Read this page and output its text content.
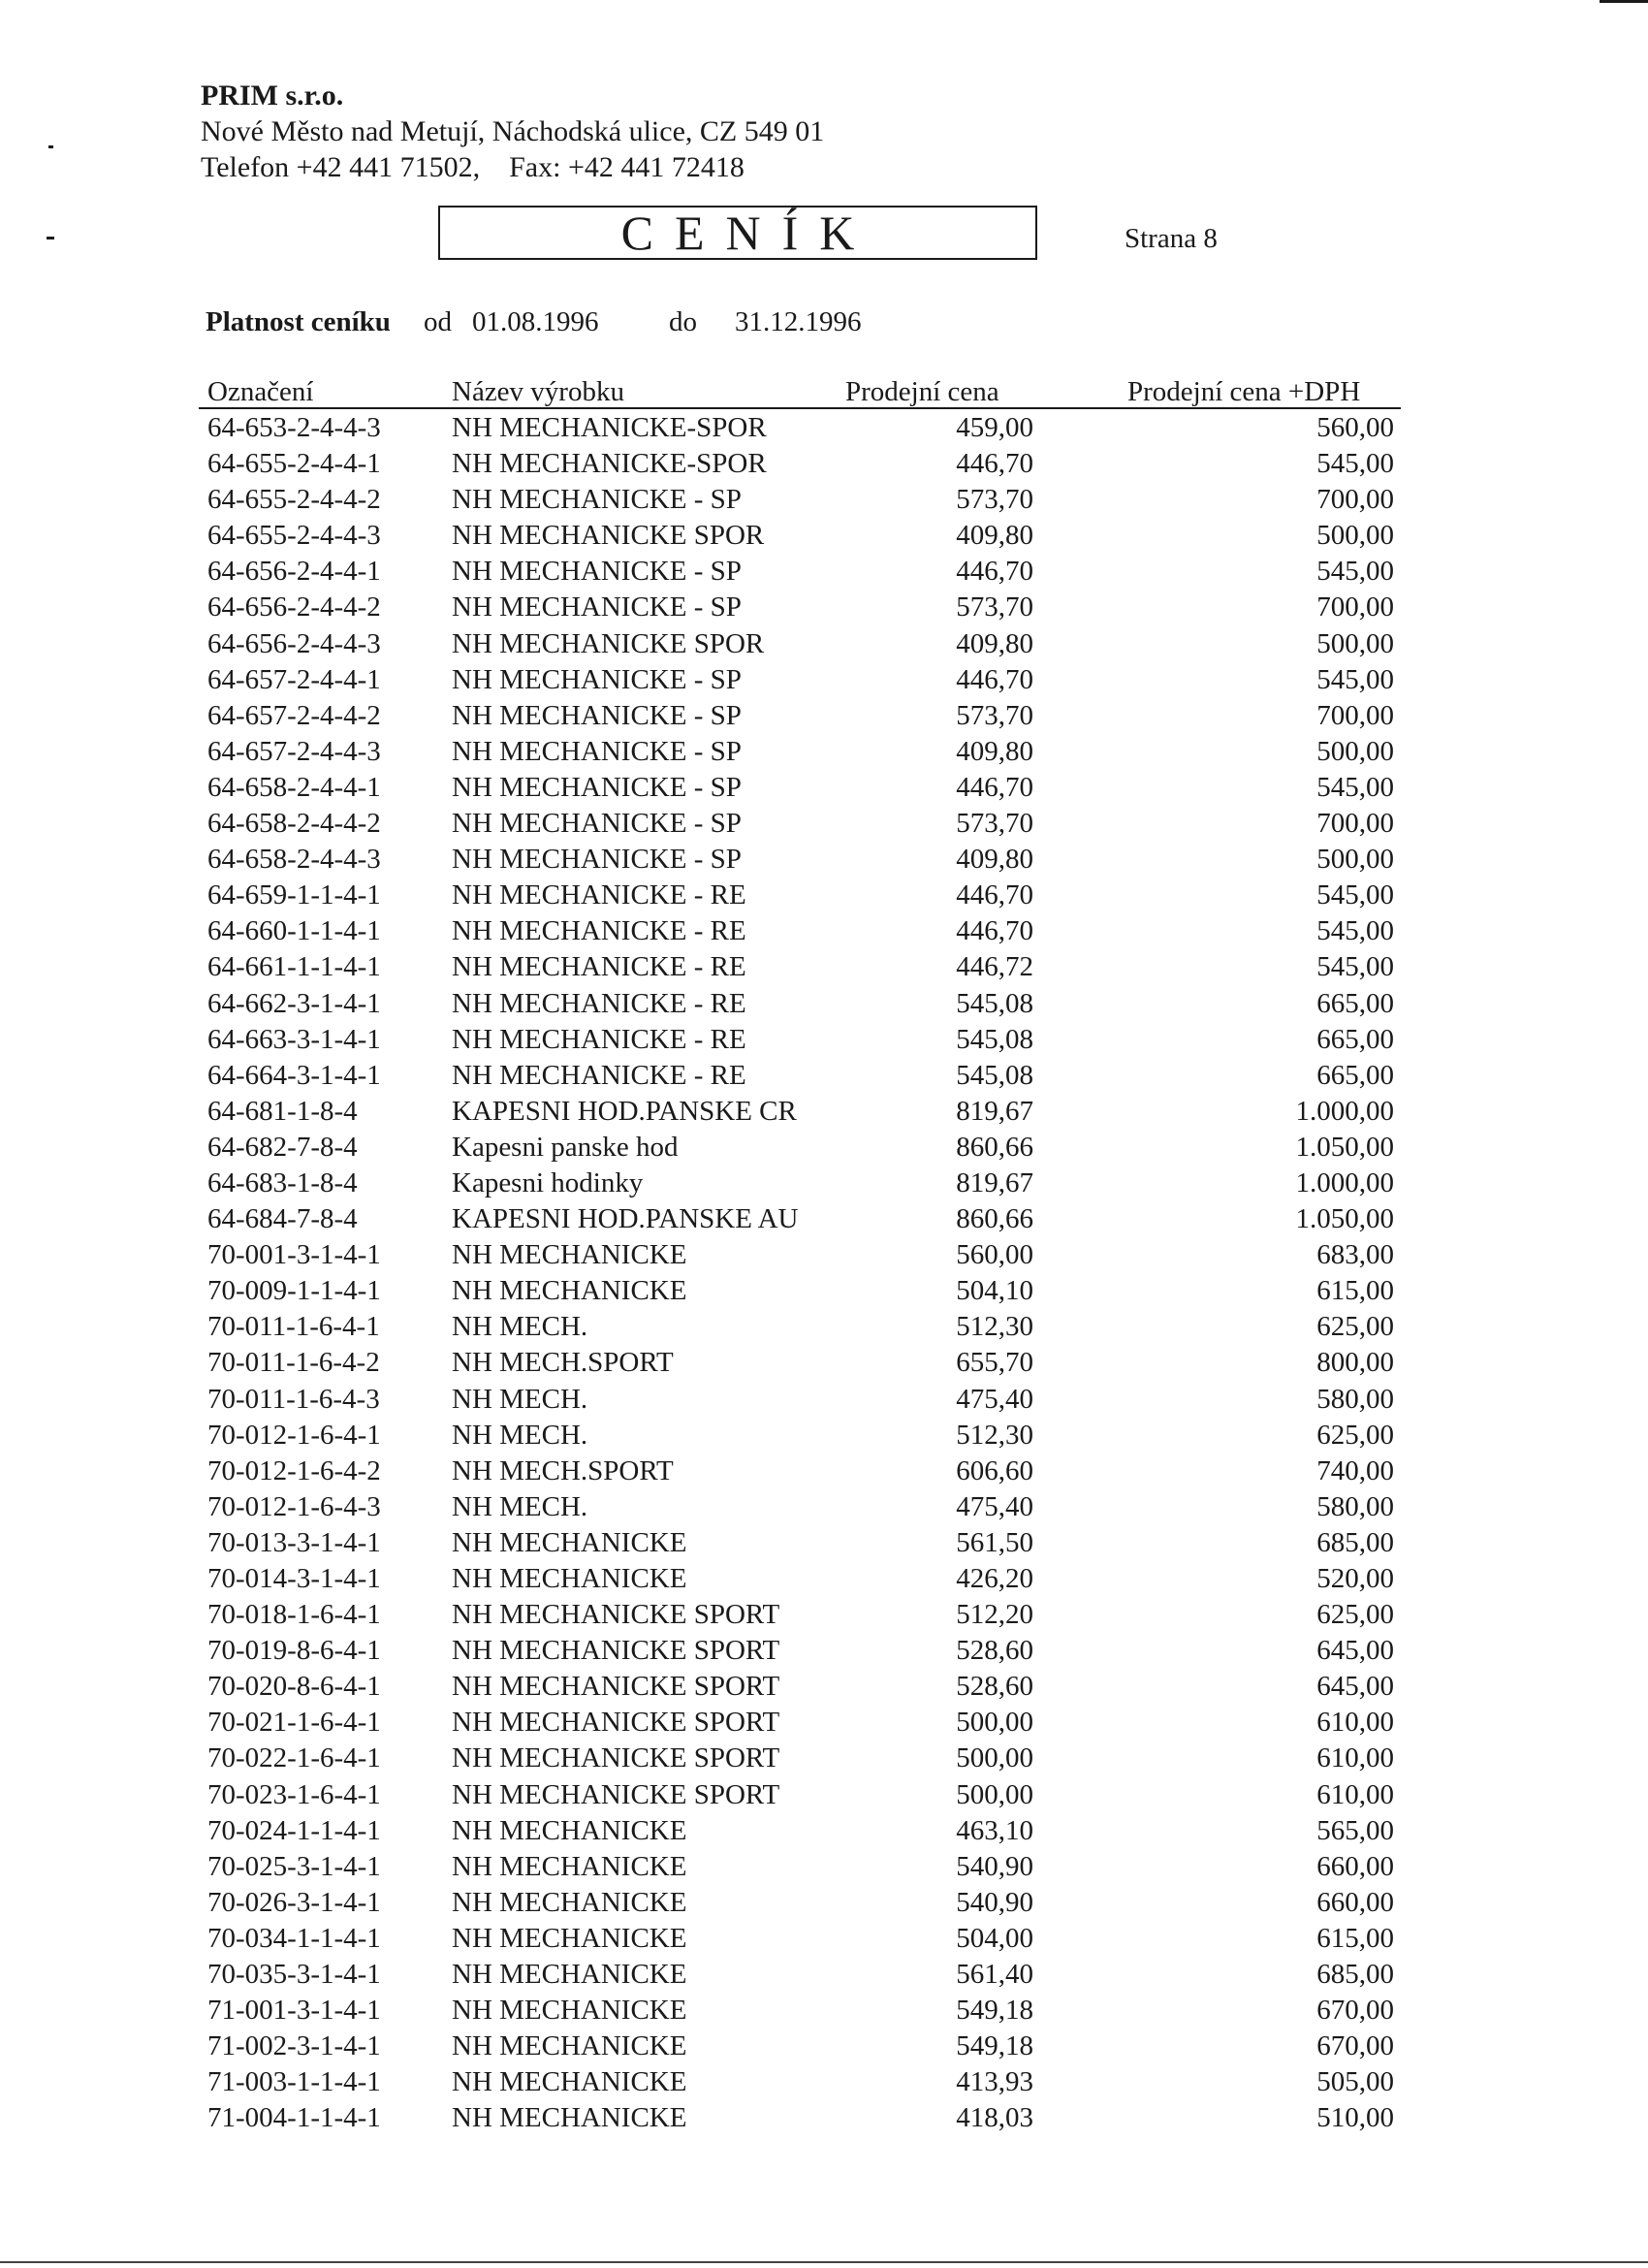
PRIM s.r.o.
Nové Město nad Metují, Náchodská ulice, CZ 549 01
Telefon +42 441 71502, Fax: +42 441 72418
CENÍK	Strana 8
Platnost ceníku od 01.08.1996	do 31.12.1996
Označení	Název výrobku	Prodejní cena	Prodejní cena +DPH
64-653-2-4-4-3	NH MECHANICKE-SPOR	459,00	560,00
64-655-2-4-4-1	NH MECHANICKE-SPOR	446,70	545,00
64-655-2-4-4-2	NH MECHANICKE - SP	573,70	700,00
64-655-2-4-4-3	NH MECHANICKE SPOR	409,80	500,00
64-656-2-4-4-1	NH MECHANICKE - SP	446,70	545,00
64-656-2-4-4-2	NH MECHANICKE - SP	573,70	700,00
64-656-2-4-4-3	NH MECHANICKE SPOR	409,80	500,00
64-657-2-4-4-1	NH MECHANICKE - SP	446,70	545,00
64-657-2-4-4-2	NH MECHANICKE - SP	573,70	700,00
64-657-2-4-4-3	NH MECHANICKE - SP	409,80	500,00
64-658-2-4-4-1	NH MECHANICKE - SP	446,70	545,00
64-658-2-4-4-2	NH MECHANICKE - SP	573,70	700,00
64-658-2-4-4-3	NH MECHANICKE - SP	409,80	500,00
64-659-1-1-4-1	NH MECHANICKE - RE	446,70	545,00
64-660-1-1-4-1	NH MECHANICKE - RE	446,70	545,00
64-661-1-1-4-1	NH MECHANICKE - RE	446,72	545,00
64-662-3-1-4-1	NH MECHANICKE - RE	545,08	665,00
64-663-3-1-4-1	NH MECHANICKE - RE	545,08	665,00
64-664-3-1-4-1	NH MECHANICKE - RE	545,08	665,00
64-681-1-8-4	KAPESNI HOD.PANSKE CR	819,67	1.000,00
64-682-7-8-4	Kapesni panske hod	860,66	1.050,00
64-683-1-8-4	Kapesni hodinky	819,67	1.000,00
64-684-7-8-4	KAPESNI HOD.PANSKE AU	860,66	1.050,00
70-001-3-1-4-1	NH MECHANICKE	560,00	683,00
70-009-1-1-4-1	NH MECHANICKE	504,10	615,00
70-011-1-6-4-1	NH MECH.	512,30	625,00
70-011-1-6-4-2	NH MECH.SPORT	655,70	800,00
70-011-1-6-4-3	NH MECH.	475,40	580,00
70-012-1-6-4-1	NH MECH.	512,30	625,00
70-012-1-6-4-2	NH MECH.SPORT	606,60	740,00
70-012-1-6-4-3	NH MECH.	475,40	580,00
70-013-3-1-4-1	NH MECHANICKE	561,50	685,00
70-014-3-1-4-1	NH MECHANICKE	426,20	520,00
70-018-1-6-4-1	NH MECHANICKE SPORT	512,20	625,00
70-019-8-6-4-1	NH MECHANICKE SPORT	528,60	645,00
70-020-8-6-4-1	NH MECHANICKE SPORT	528,60	645,00
70-021-1-6-4-1	NH MECHANICKE SPORT	500,00	610,00
70-022-1-6-4-1	NH MECHANICKE SPORT	500,00	610,00
70-023-1-6-4-1	NH MECHANICKE SPORT	500,00	610,00
70-024-1-1-4-1	NH MECHANICKE	463,10	565,00
70-025-3-1-4-1	NH MECHANICKE	540,90	660,00
70-026-3-1-4-1	NH MECHANICKE	540,90	660,00
70-034-1-1-4-1	NH MECHANICKE	504,00	615,00
70-035-3-1-4-1	NH MECHANICKE	561,40	685,00
71-001-3-1-4-1	NH MECHANICKE	549,18	670,00
71-002-3-1-4-1	NH MECHANICKE	549,18	670,00
71-003-1-1-4-1	NH MECHANICKE	413,93	505,00
71-004-1-1-4-1	NH MECHANICKE	418,03	510,00
